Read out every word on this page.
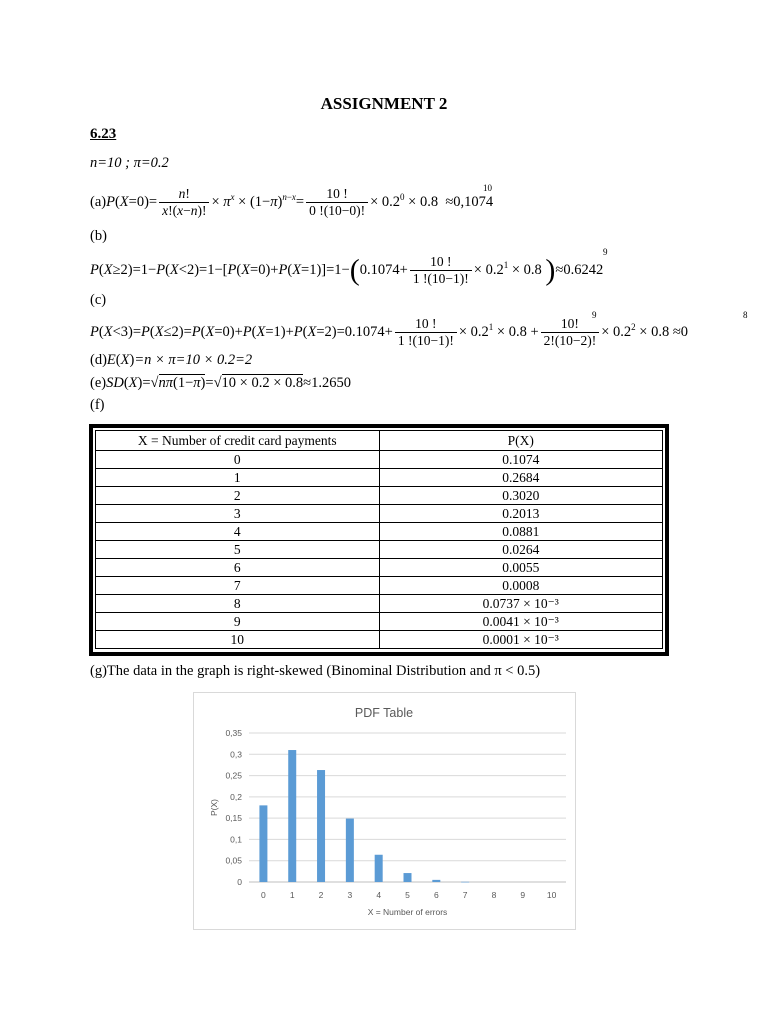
ASSIGNMENT 2
6.23
n=10 ; π=0.2
$(a)P(X=0)= \frac{n!}{x!(x-n)!} \times \pi^x \times (1-\pi)^{n-x}= \frac{10 !}{0 !(10-0)!} \times 0.2^0 \times 0.8 \approx 0,1074$
10
(b)
$P(X\ge 2)=1-P(X<2)=1-[P(X=0)+P(X=1)]=1-(0.1074+ \frac{10 !}{1 !(10-1)!} \times 0.2^1 \times 0.8$ )≈0.6242
9
(c)
$P(X<3)=P(X\le 2)=P(X=0)+P(X=1)+P(X=2)=0.1074+ \frac{10 !}{1 !(10-1)!} \times 0.2^1 \times 0.8 + \frac{10!}{2!(10-2)!} \times 0.2^2 \times 0.8 \approx 0$
9	8
(d)E(X)=n × π=10 × 0.2=2
(e)SD(X)=√nπ(1−π)=√10 × 0.2 × 0.8≈1.2650
(f)
X = Number of credit card payments	P(X)
0	0.1074
1	0.2684
2	0.3020
3	0.2013
4	0.0881
5	0.0264
6	0.0055
7	0.0008
8	0.0737 × 10⁻³
9	0.0041 × 10⁻³
10	0.0001 × 10⁻³
(g)The data in the graph is right-skewed (Binominal Distribution and π < 0.5)
PDF Table
0
0,05
0,1
0,15
0,2
0,25
0,3
0,35
0	1	2	3	4	5	6	7	8	9	10
X = Number of errors
P(X)
